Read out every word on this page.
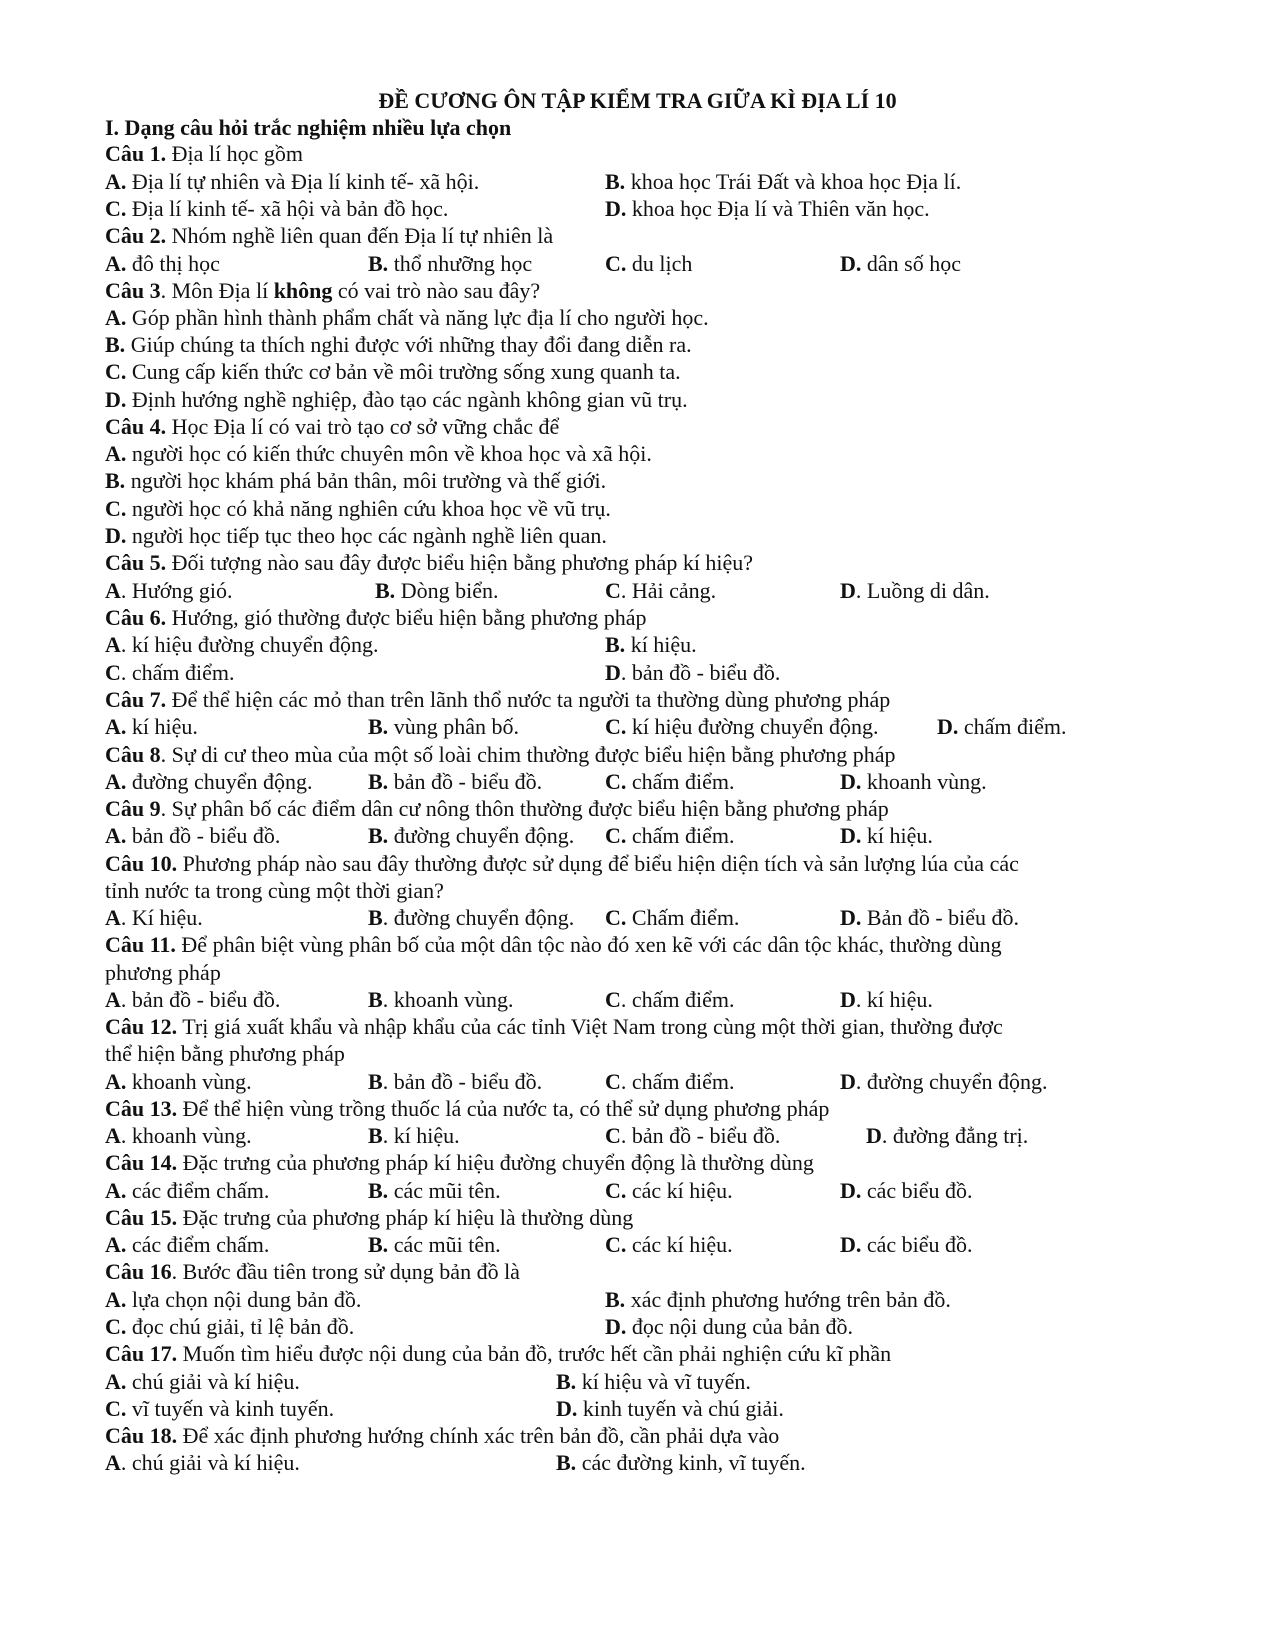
ĐỀ CƯƠNG ÔN TẬP KIỂM TRA GIỮA KÌ ĐỊA LÍ 10
I. Dạng câu hỏi trắc nghiệm nhiều lựa chọn
Câu 1. Địa lí học gồm
A. Địa lí tự nhiên và Địa lí kinh tế- xã hội.	B. khoa học Trái Đất và khoa học Địa lí.
C. Địa lí kinh tế- xã hội và bản đồ học.	D. khoa học Địa lí và Thiên văn học.
Câu 2. Nhóm nghề liên quan đến Địa lí tự nhiên là
A. đô thị học	B. thổ nhưỡng học	C. du lịch	D. dân số học
Câu 3. Môn Địa lí không có vai trò nào sau đây?
A. Góp phần hình thành phẩm chất và năng lực địa lí cho người học.
B. Giúp chúng ta thích nghi được với những thay đổi đang diễn ra.
C. Cung cấp kiến thức cơ bản về môi trường sống xung quanh ta.
D. Định hướng nghề nghiệp, đào tạo các ngành không gian vũ trụ.
Câu 4. Học Địa lí có vai trò tạo cơ sở vững chắc để
A. người học có kiến thức chuyên môn về khoa học và xã hội.
B. người học khám phá bản thân, môi trường và thế giới.
C. người học có khả năng nghiên cứu khoa học về vũ trụ.
D. người học tiếp tục theo học các ngành nghề liên quan.
Câu 5. Đối tượng nào sau đây được biểu hiện bằng phương pháp kí hiệu?
A. Hướng gió.	B. Dòng biển.	C. Hải cảng.	D. Luồng di dân.
Câu 6. Hướng, gió thường được biểu hiện bằng phương pháp
A. kí hiệu đường chuyển động.	B. kí hiệu.
C. chấm điểm.	D. bản đồ - biểu đồ.
Câu 7. Để thể hiện các mỏ than trên lãnh thổ nước ta người ta thường dùng phương pháp
A. kí hiệu.	B. vùng phân bố.	C. kí hiệu đường chuyển động.	D. chấm điểm.
Câu 8. Sự di cư theo mùa của một số loài chim thường được biểu hiện bằng phương pháp
A. đường chuyển động.	B. bản đồ - biểu đồ.	C. chấm điểm.	D. khoanh vùng.
Câu 9. Sự phân bố các điểm dân cư nông thôn thường được biểu hiện bằng phương pháp
A. bản đồ - biểu đồ.	B. đường chuyển động. C. chấm điểm.	D. kí hiệu.
Câu 10. Phương pháp nào sau đây thường được sử dụng để biểu hiện diện tích và sản lượng lúa của các
tỉnh nước ta trong cùng một thời gian?
A. Kí hiệu.	B. đường chuyển động. C. Chấm điểm.	D. Bản đồ - biểu đồ.
Câu 11. Để phân biệt vùng phân bố của một dân tộc nào đó xen kẽ với các dân tộc khác, thường dùng
phương pháp
A. bản đồ - biểu đồ.	B. khoanh vùng.	C. chấm điểm.	D. kí hiệu.
Câu 12. Trị giá xuất khẩu và nhập khẩu của các tỉnh Việt Nam trong cùng một thời gian, thường được
thể hiện bằng phương pháp
A. khoanh vùng.	B. bản đồ - biểu đồ.	C. chấm điểm.	D. đường chuyển động.
Câu 13. Để thể hiện vùng trồng thuốc lá của nước ta, có thể sử dụng phương pháp
A. khoanh vùng.	B. kí hiệu.	C. bản đồ - biểu đồ.	D. đường đẳng trị.
Câu 14. Đặc trưng của phương pháp kí hiệu đường chuyển động là thường dùng
A. các điểm chấm.	B. các mũi tên.	C. các kí hiệu.	D. các biểu đồ.
Câu 15. Đặc trưng của phương pháp kí hiệu là thường dùng
A. các điểm chấm.	B. các mũi tên.	C. các kí hiệu.	D. các biểu đồ.
Câu 16. Bước đầu tiên trong sử dụng bản đồ là
A. lựa chọn nội dung bản đồ.	B. xác định phương hướng trên bản đồ.
C. đọc chú giải, tỉ lệ bản đồ.	D. đọc nội dung của bản đồ.
Câu 17. Muốn tìm hiểu được nội dung của bản đồ, trước hết cần phải nghiện cứu kĩ phần
A. chú giải và kí hiệu.	B. kí hiệu và vĩ tuyến.
C. vĩ tuyến và kinh tuyến.	D. kinh tuyến và chú giải.
Câu 18. Để xác định phương hướng chính xác trên bản đồ, cần phải dựa vào
A. chú giải và kí hiệu.	B. các đường kinh, vĩ tuyến.
